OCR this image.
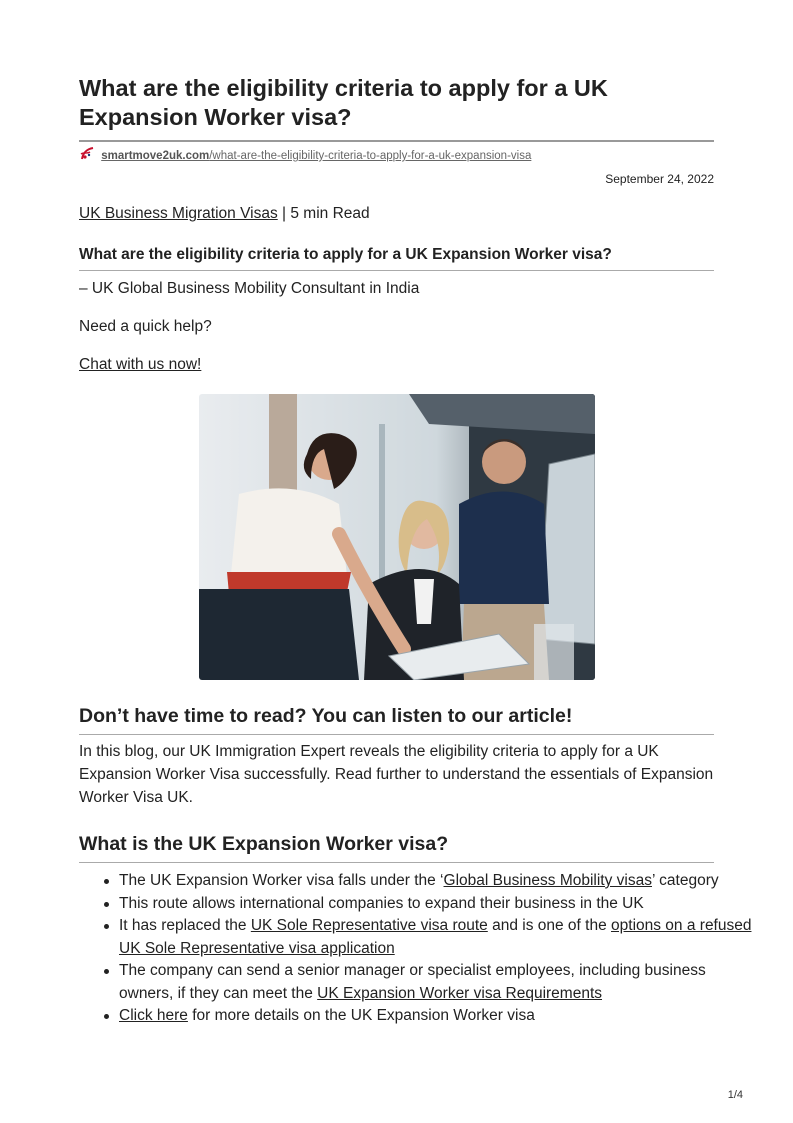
What are the eligibility criteria to apply for a UK Expansion Worker visa?
smartmove2uk.com/what-are-the-eligibility-criteria-to-apply-for-a-uk-expansion-visa
September 24, 2022
UK Business Migration Visas | 5 min Read
What are the eligibility criteria to apply for a UK Expansion Worker visa?
– UK Global Business Mobility Consultant in India
Need a quick help?
Chat with us now!
Don’t have time to read? You can listen to our article!
In this blog, our UK Immigration Expert reveals the eligibility criteria to apply for a UK Expansion Worker Visa successfully. Read further to understand the essentials of Expansion Worker Visa UK.
What is the UK Expansion Worker visa?
The UK Expansion Worker visa falls under the ‘Global Business Mobility visas’ category
This route allows international companies to expand their business in the UK
It has replaced the UK Sole Representative visa route and is one of the options on a refused UK Sole Representative visa application
The company can send a senior manager or specialist employees, including business owners, if they can meet the UK Expansion Worker visa Requirements
Click here for more details on the UK Expansion Worker visa
1/4
